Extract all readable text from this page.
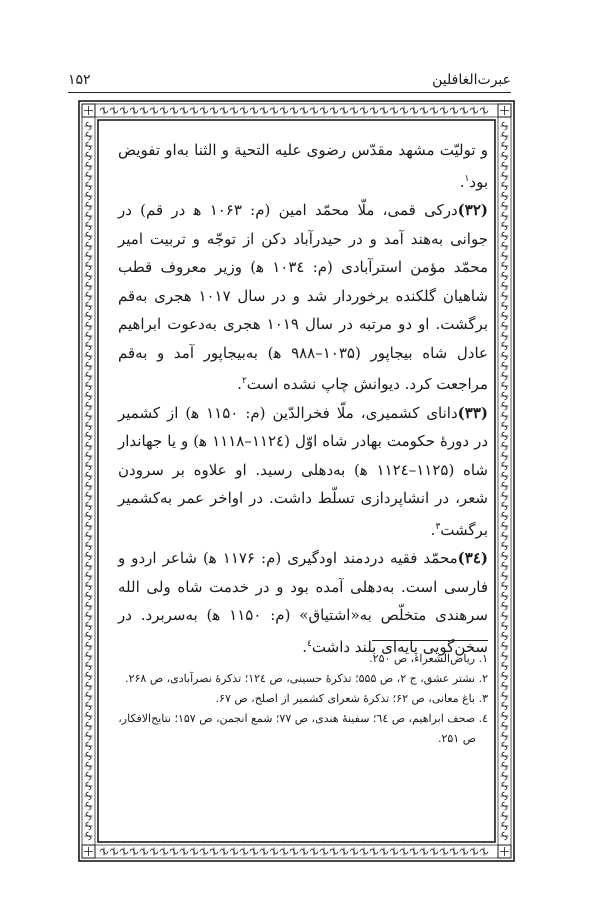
عبرت‌الغافلین
۱۵۲

و تولیّت مشهد مقدّس رضوی علیه التحیة و الثنا به‌او تفویض بود$^۱$.

(۳۲)درکی قمی، ملّا محمّد امین (م: ۱۰۶۳ ﻫ در قم) در جوانی به‌هند آمد و در حیدرآباد دکن از توجّه و تربیت امیر محمّد مؤمن استرآبادی (م: ۱۰۳٤ ﻫ) وزیر معروف قطب شاهیان گلکنده برخوردار شد و در سال ۱۰۱۷ هجری به‌قم برگشت. او دو مرتبه در سال ۱۰۱۹ هجری به‌دعوت ابراهیم عادل شاه بیجاپور (۱۰۳۵–۹۸۸ ﻫ) به‌بیجاپور آمد و به‌قم مراجعت کرد. دیوانش چاپ نشده است$^۲$.

(۳۳)دانای کشمیری، ملّا فخرالدّین (م: ۱۱۵۰ ﻫ) از کشمیر در دورهٔ حکومت بهادر شاه اوّل (۱۱۲٤–۱۱۱۸ ﻫ) و یا جهاندار شاه (۱۱۲۵–۱۱۲٤ ﻫ) به‌دهلی رسید. او علاوه بر سرودن شعر، در انشاپردازی تسلّط داشت. در اواخر عمر به‌کشمیر برگشت$^۳$.

(۳٤)محمّد فقیه دردمند اودگیری (م: ۱۱۷۶ ﻫ) شاعر اردو و فارسی است. به‌دهلی آمده بود و در خدمت شاه ولی الله سرهندی متخلّص به«اشتیاق» (م: ۱۱۵۰ ﻫ) به‌سربرد. در سخن‌گویی پایه‌ای بلند داشت$^٤$.

۱. ریاض‌الشعراء، ص ۲۵۰.

۲. نشتر عشق، ج ۲، ص ۵۵۵؛ تذکرهٔ حسینی، ص ۱۲٤؛ تذکرهٔ نصرآبادی، ص ۲۶۸.

۳. باغ معانی، ص ۶۲؛ تذکرهٔ شعرای کشمیر از اصلح، ص ۶۷.

٤. صحف ابراهیم، ص ٦٤؛ سفینهٔ هندی، ص ۷۷؛ شمع انجمن، ص ۱۵۷؛ نتایج‌الافکار، ص ۲۵۱.
